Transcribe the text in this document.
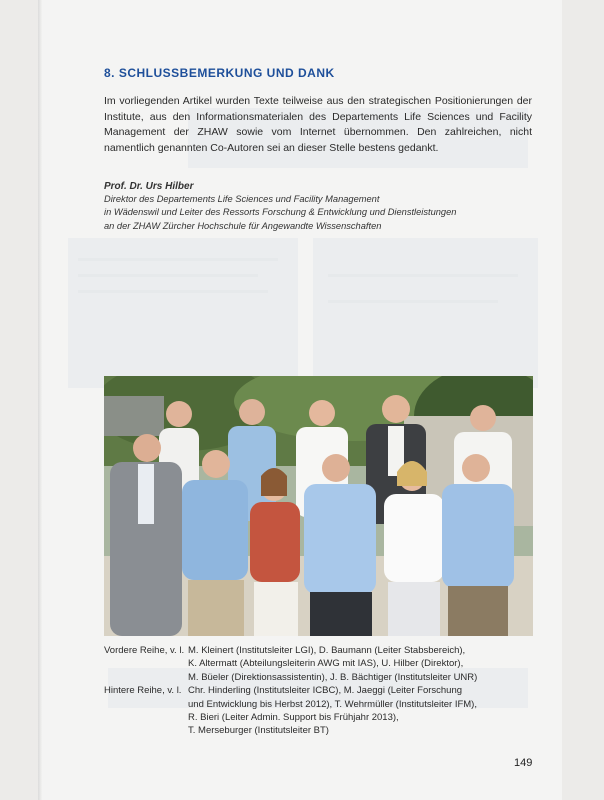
8. SCHLUSSBEMERKUNG UND DANK

Im vorliegenden Artikel wurden Texte teilweise aus den strategischen Positionierungen der Institute, aus den Informationsmaterialen des Departements Life Sciences und Facility Management der ZHAW sowie vom Internet übernommen. Den zahlreichen, nicht namentlich genannten Co-Autoren sei an dieser Stelle bestens gedankt.

Prof. Dr. Urs Hilber
Direktor des Departements Life Sciences und Facility Management
in Wädenswil und Leiter des Ressorts Forschung & Entwicklung und Dienstleistungen
an der ZHAW Zürcher Hochschule für Angewandte Wissenschaften
Vordere Reihe, v. l. M. Kleinert (Institutsleiter LGI), D. Baumann (Leiter Stabsbereich),
K. Altermatt (Abteilungsleiterin AWG mit IAS), U. Hilber (Direktor),
M. Büeler (Direktionsassistentin), J. B. Bächtiger (Institutsleiter UNR)
Hintere Reihe, v. l. Chr. Hinderling (Institutsleiter ICBC), M. Jaeggi (Leiter Forschung
und Entwicklung bis Herbst 2012), T. Wehrmüller (Institutsleiter IFM),
R. Bieri (Leiter Admin. Support bis Frühjahr 2013),
T. Merseburger (Institutsleiter BT)
149
